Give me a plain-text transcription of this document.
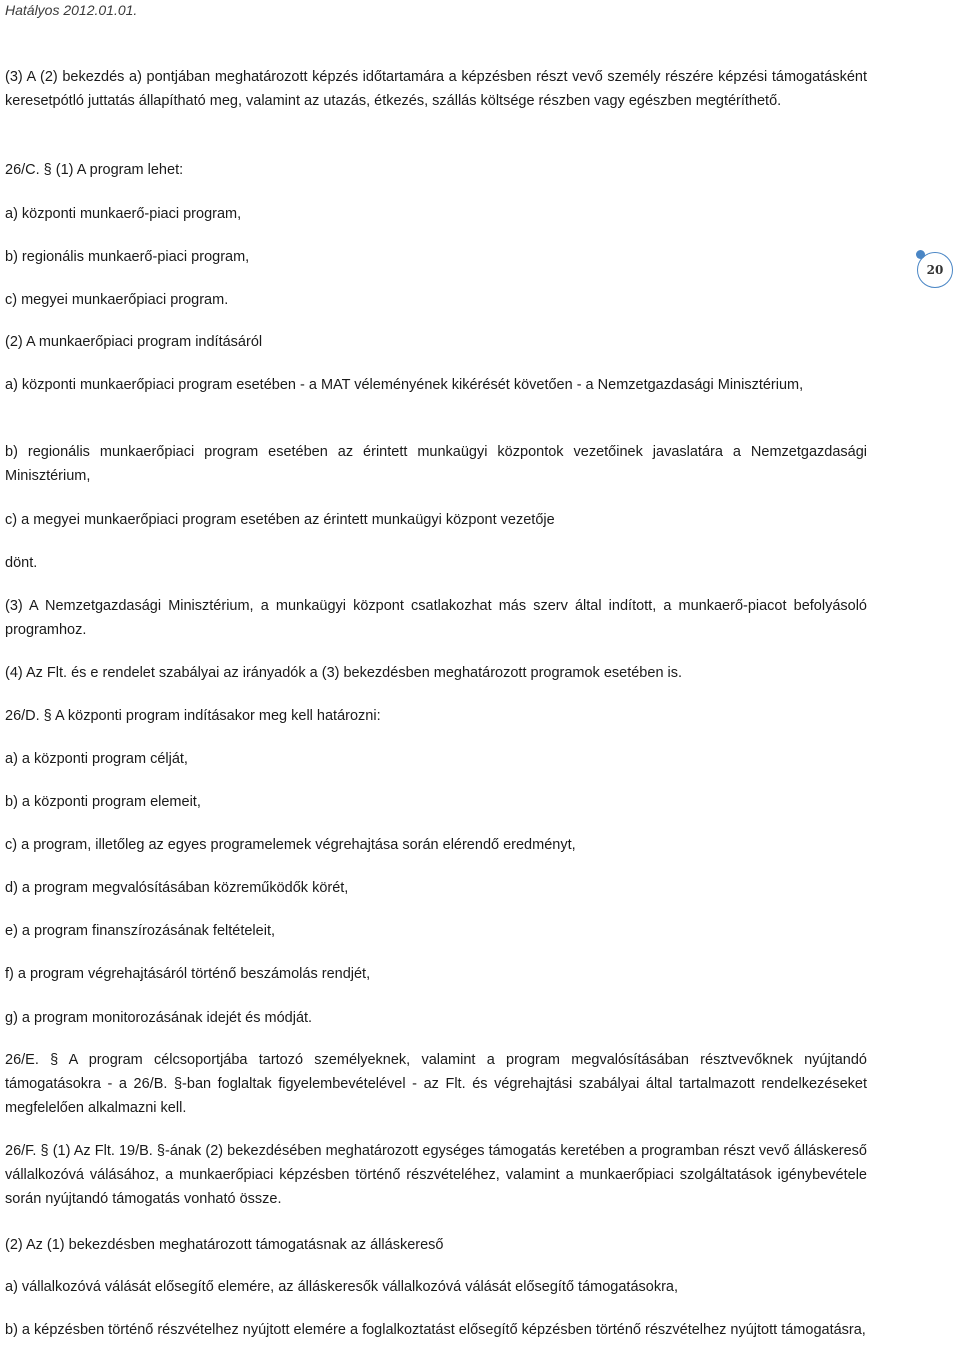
Hatályos 2012.01.01.
20

(3) A (2) bekezdés a) pontjában meghatározott képzés időtartamára a képzésben részt vevő személy részére képzési támogatásként keresetpótló juttatás állapítható meg, valamint az utazás, étkezés, szállás költsége részben vagy egészben megtéríthető.

26/C. § (1) A program lehet:

a) központi munkaerő-piaci program,

b) regionális munkaerő-piaci program,

c) megyei munkaerőpiaci program.

(2) A munkaerőpiaci program indításáról

a) központi munkaerőpiaci program esetében - a MAT véleményének kikérését követően - a Nemzetgazdasági Minisztérium,

b) regionális munkaerőpiaci program esetében az érintett munkaügyi központok vezetőinek javaslatára a Nemzetgazdasági Minisztérium,

c) a megyei munkaerőpiaci program esetében az érintett munkaügyi központ vezetője

dönt.

(3) A Nemzetgazdasági Minisztérium, a munkaügyi központ csatlakozhat más szerv által indított, a munkaerő-piacot befolyásoló programhoz.

(4) Az Flt. és e rendelet szabályai az irányadók a (3) bekezdésben meghatározott programok esetében is.

26/D. § A központi program indításakor meg kell határozni:

a) a központi program célját,

b) a központi program elemeit,

c) a program, illetőleg az egyes programelemek végrehajtása során elérendő eredményt,

d) a program megvalósításában közreműködők körét,

e) a program finanszírozásának feltételeit,

f) a program végrehajtásáról történő beszámolás rendjét,

g) a program monitorozásának idejét és módját.

26/E. § A program célcsoportjába tartozó személyeknek, valamint a program megvalósításában résztvevőknek nyújtandó támogatásokra - a 26/B. §-ban foglaltak figyelembevételével - az Flt. és végrehajtási szabályai által tartalmazott rendelkezéseket megfelelően alkalmazni kell.

26/F. § (1) Az Flt. 19/B. §-ának (2) bekezdésében meghatározott egységes támogatás keretében a programban részt vevő álláskereső vállalkozóvá válásához, a munkaerőpiaci képzésben történő részvételéhez, valamint a munkaerőpiaci szolgáltatások igénybevétele során nyújtandó támogatás vonható össze.

(2) Az (1) bekezdésben meghatározott támogatásnak az álláskereső

a) vállalkozóvá válását elősegítő elemére, az álláskeresők vállalkozóvá válását elősegítő támogatásokra,

b) a képzésben történő részvételhez nyújtott elemére a foglalkoztatást elősegítő képzésben történő részvételhez nyújtott támogatásra,
